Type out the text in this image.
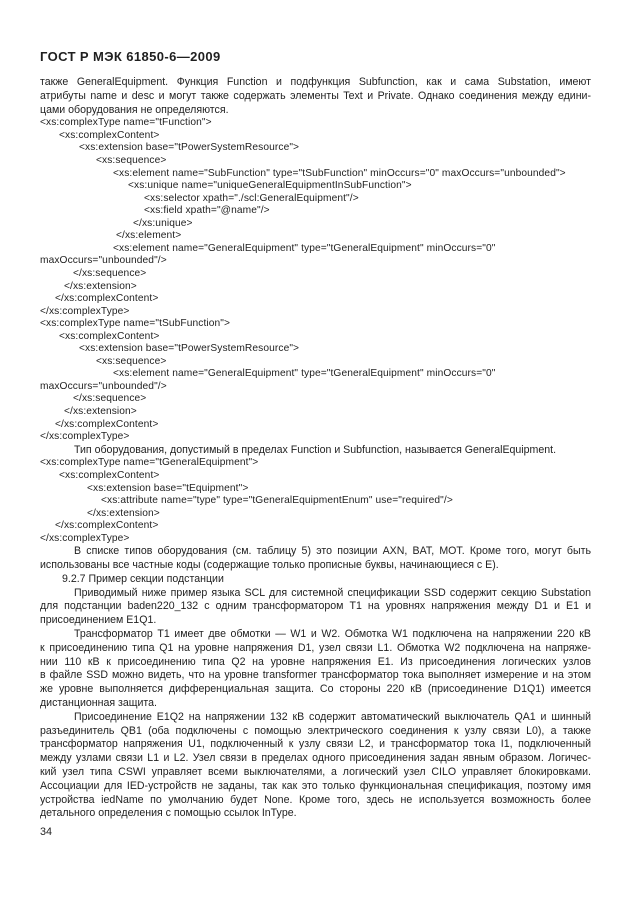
ГОСТ Р МЭК 61850-6—2009
также GeneralEquipment. Функция Function и подфункция Subfunction, как и сама Substation, имеют
атрибуты name и desc и могут также содержать элементы Text и Private. Однако соединения между едини-
цами оборудования не определяются.
<xs:complexType name="tFunction">
<xs:complexContent>
<xs:extension base="tPowerSystemResource">
<xs:sequence>
<xs:element name="SubFunction" type="tSubFunction" minOccurs="0" maxOccurs="unbounded">
<xs:unique name="uniqueGeneralEquipmentInSubFunction">
<xs:selector xpath="./scl:GeneralEquipment"/>
<xs:field xpath="@name"/>
</xs:unique>
</xs:element>
<xs:element name="GeneralEquipment" type="tGeneralEquipment" minOccurs="0"
maxOccurs="unbounded"/>
</xs:sequence>
</xs:extension>
</xs:complexContent>
</xs:complexType>
<xs:complexType name="tSubFunction">
<xs:complexContent>
<xs:extension base="tPowerSystemResource">
<xs:sequence>
<xs:element name="GeneralEquipment" type="tGeneralEquipment" minOccurs="0"
maxOccurs="unbounded"/>
</xs:sequence>
</xs:extension>
</xs:complexContent>
</xs:complexType>
Тип оборудования, допустимый в пределах Function и Subfunction, называется GeneralEquipment.
<xs:complexType name="tGeneralEquipment">
<xs:complexContent>
<xs:extension base="tEquipment">
<xs:attribute name="type" type="tGeneralEquipmentEnum" use="required"/>
</xs:extension>
</xs:complexContent>
</xs:complexType>
В списке типов оборудования (см. таблицу 5) это позиции AXN, BAT, MOT. Кроме того, могут быть
использованы все частные коды (содержащие только прописные буквы, начинающиеся с E).
9.2.7 Пример секции подстанции
Приводимый ниже пример языка SCL для системной спецификации SSD содержит секцию Substation
для подстанции baden220_132 с одним трансформатором T1 на уровнях напряжения между D1 и E1 и
присоединением E1Q1.
Трансформатор T1 имеет две обмотки — W1 и W2. Обмотка W1 подключена на напряжении 220 кВ
к присоединению типа Q1 на уровне напряжения D1, узел связи L1. Обмотка W2 подключена на напряже-
нии 110 кВ к присоединению типа Q2 на уровне напряжения E1. Из присоединения логических узлов
в файле SSD можно видеть, что на уровне transformer трансформатор тока выполняет измерение и на этом
же уровне выполняется дифференциальная защита. Со стороны 220 кВ (присоединение D1Q1) имеется
дистанционная защита.
Присоединение E1Q2 на напряжении 132 кВ содержит автоматический выключатель QA1 и шинный
разъединитель QB1 (оба подключены с помощью электрического соединения к узлу связи L0), а также
трансформатор напряжения U1, подключенный к узлу связи L2, и трансформатор тока I1, подключенный
между узлами связи L1 и L2. Узел связи в пределах одного присоединения задан явным образом. Логичес-
кий узел типа CSWI управляет всеми выключателями, а логический узел CILO управляет блокировками.
Ассоциации для IED-устройств не заданы, так как это только функциональная спецификация, поэтому имя
устройства iedName по умолчанию будет None. Кроме того, здесь не используется возможность более
детального определения с помощью ссылок InType.
34
